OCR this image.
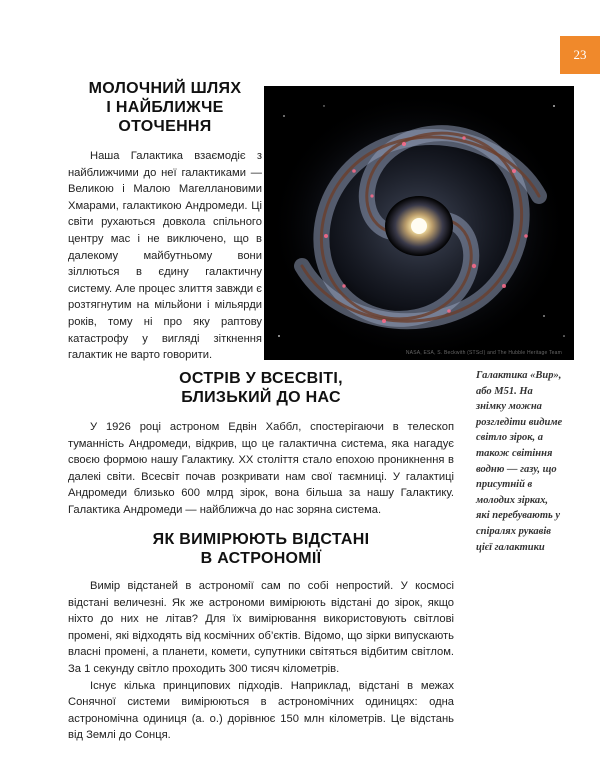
23
МОЛОЧНИЙ ШЛЯХ
І НАЙБЛИЖЧЕ ОТОЧЕННЯ

Наша Галактика взаємодіє з найближчими до неї галактиками — Великою і Малою Магеллановими Хмарами, галактикою Андромеди. Ці світи рухаються довкола спільного центру мас і не виключено, що в далекому майбутньому вони зіллються в єдину галактичну систему. Але процес злиття завжди є розтягнутим на мільйони і мільярди років, тому ні про яку раптову катастрофу у вигляді зіткнення галактик не варто говорити.	NASA, ESA, S. Beckwith (STScI) and The Hubble Heritage Team
Галактика «Вир», або M51. На знімку можна розгледіти видиме світло зірок, а також світіння водню — газу, що присутній в молодих зірках, які перебувають у спіралях рукавів цієї галактики
ОСТРІВ У ВСЕСВІТІ,
БЛИЗЬКИЙ ДО НАС

У 1926 році астроном Едвін Хаббл, спостерігаючи в телескоп туманність Андромеди, відкрив, що це галактична система, яка нагадує своєю формою нашу Галактику. XX століття стало епохою проникнення в далекі світи. Всесвіт почав розкривати нам свої таємниці. У галактиці Андромеди близько 600 млрд зірок, вона більша за нашу Галактику. Галактика Андромеди — найближча до нас зоряна система.

ЯК ВИМІРЮЮТЬ ВІДСТАНІ
В АСТРОНОМІЇ

Вимір відстаней в астрономії сам по собі непростий. У космосі відстані величезні. Як же астрономи вимірюють відстані до зірок, якщо ніхто до них не літав? Для їх вимірювання використовують світлові промені, які відходять від космічних об’єктів. Відомо, що зірки випускають власні промені, а планети, комети, супутники світяться відбитим світлом. За 1 секунду світло проходить 300 тисяч кілометрів.

Існує кілька принципових підходів. Наприклад, відстані в межах Сонячної системи вимірюються в астрономічних одиницях: одна астрономічна одиниця (а. о.) дорівнює 150 млн кілометрів. Це відстань від Землі до Сонця.
